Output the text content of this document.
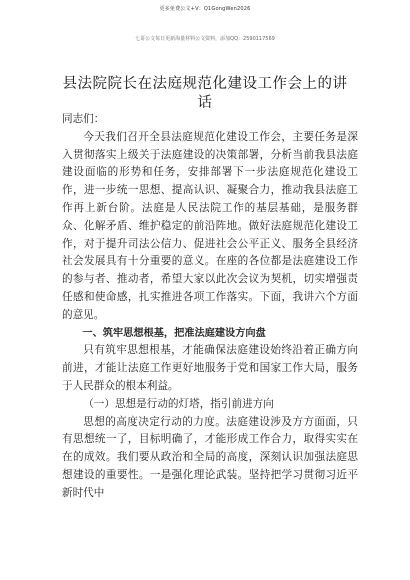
更多免费公文+V：Q1GongWen2026
七哥公文每日更新海量材料公文资料，添加QQ：2590117569
县法院院长在法庭规范化建设工作会上的讲话

同志们：

今天我们召开全县法庭规范化建设工作会，主要任务是深入贯彻落实上级关于法庭建设的决策部署，分析当前我县法庭建设面临的形势和任务，安排部署下一步法庭规范化建设工作，进一步统一思想、提高认识、凝聚合力，推动我县法庭工作再上新台阶。法庭是人民法院工作的基层基础，是服务群众、化解矛盾、维护稳定的前沿阵地。做好法庭规范化建设工作，对于提升司法公信力、促进社会公平正义、服务全县经济社会发展具有十分重要的意义。在座的各位都是法庭建设工作的参与者、推动者，希望大家以此次会议为契机，切实增强责任感和使命感，扎实推进各项工作落实。下面，我讲六个方面的意见。

一、筑牢思想根基，把准法庭建设方向盘

只有筑牢思想根基，才能确保法庭建设始终沿着正确方向前进，才能让法庭工作更好地服务于党和国家工作大局，服务于人民群众的根本利益。

（一）思想是行动的灯塔，指引前进方向

思想的高度决定行动的力度。法庭建设涉及方方面面，只有思想统一了，目标明确了，才能形成工作合力，取得实实在在的成效。我们要从政治和全局的高度，深刻认识加强法庭思想建设的重要性。一是强化理论武装。坚持把学习贯彻习近平新时代中
